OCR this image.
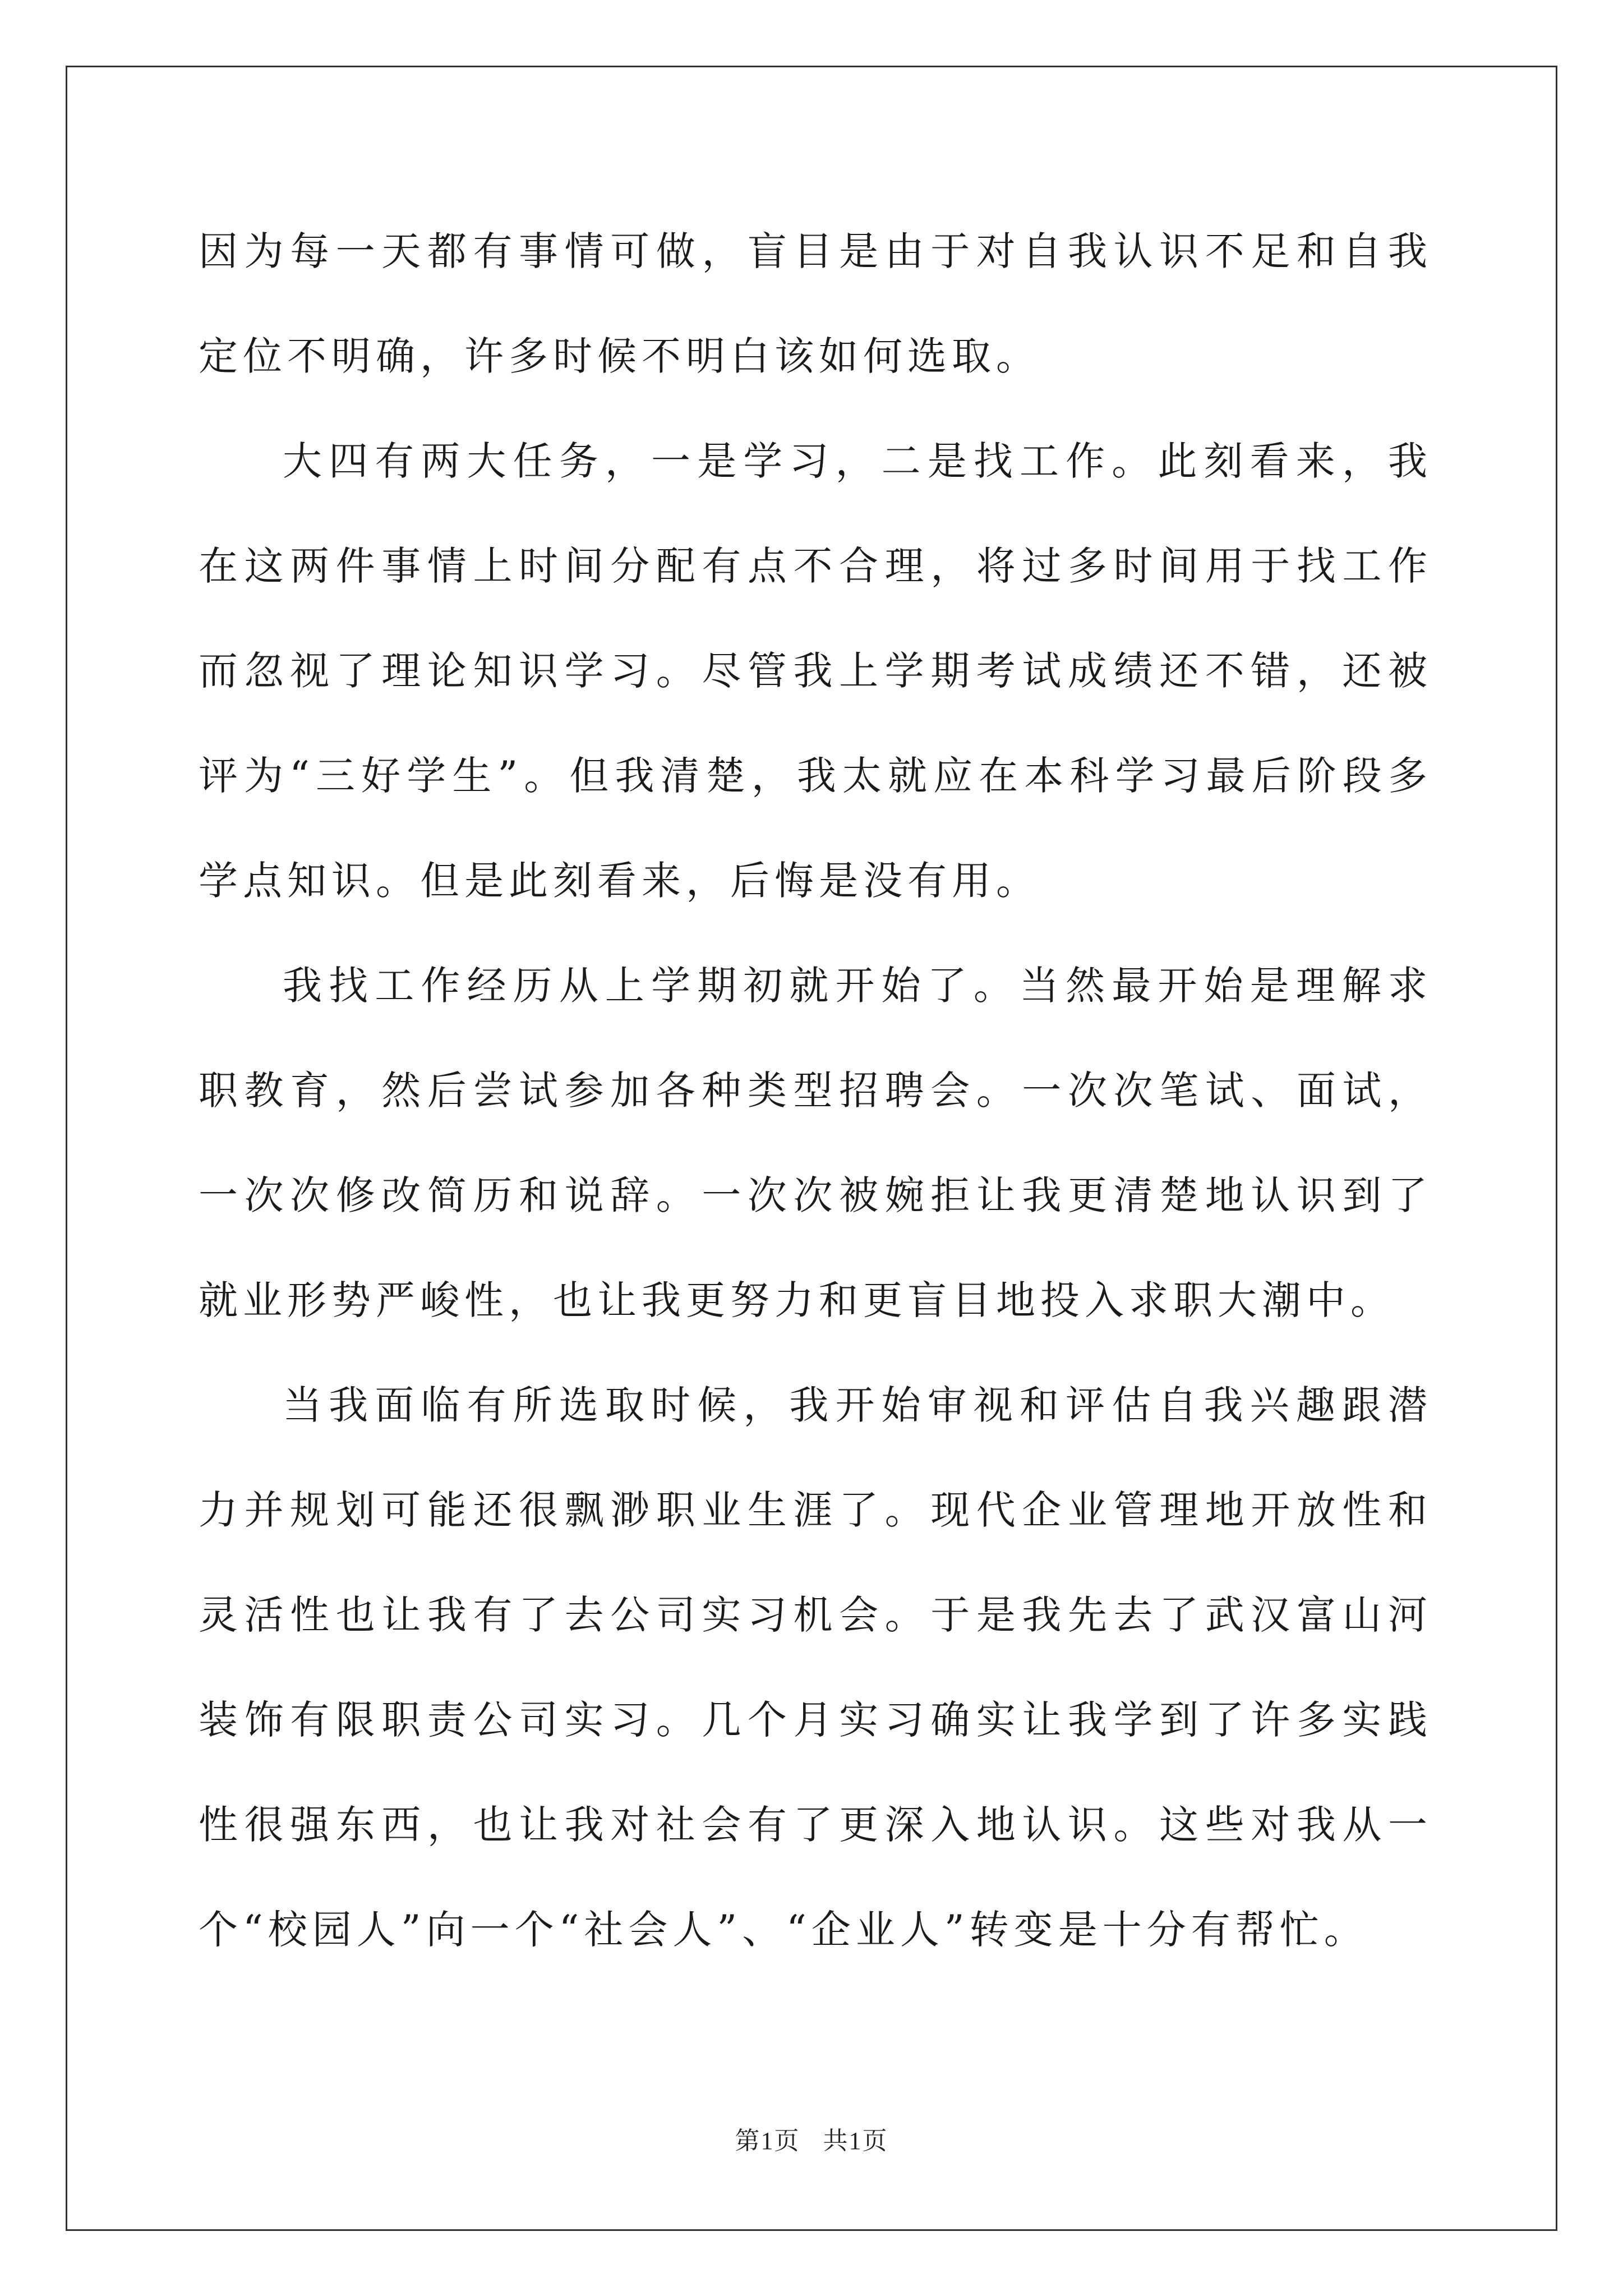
因为每一天都有事情可做，盲目是由于对自我认识不足和自我定位不明确，许多时候不明白该如何选取。

大四有两大任务，一是学习，二是找工作。此刻看来，我在这两件事情上时间分配有点不合理，将过多时间用于找工作而忽视了理论知识学习。尽管我上学期考试成绩还不错，还被评为“三好学生”。但我清楚，我太就应在本科学习最后阶段多学点知识。但是此刻看来，后悔是没有用。

我找工作经历从上学期初就开始了。当然最开始是理解求职教育，然后尝试参加各种类型招聘会。一次次笔试、面试，一次次修改简历和说辞。一次次被婉拒让我更清楚地认识到了就业形势严峻性，也让我更努力和更盲目地投入求职大潮中。

当我面临有所选取时候，我开始审视和评估自我兴趣跟潜力并规划可能还很飘渺职业生涯了。现代企业管理地开放性和灵活性也让我有了去公司实习机会。于是我先去了武汉富山河装饰有限职责公司实习。几个月实习确实让我学到了许多实践性很强东西，也让我对社会有了更深入地认识。这些对我从一个“校园人”向一个“社会人”、“企业人”转变是十分有帮忙。

第1页 共1页
